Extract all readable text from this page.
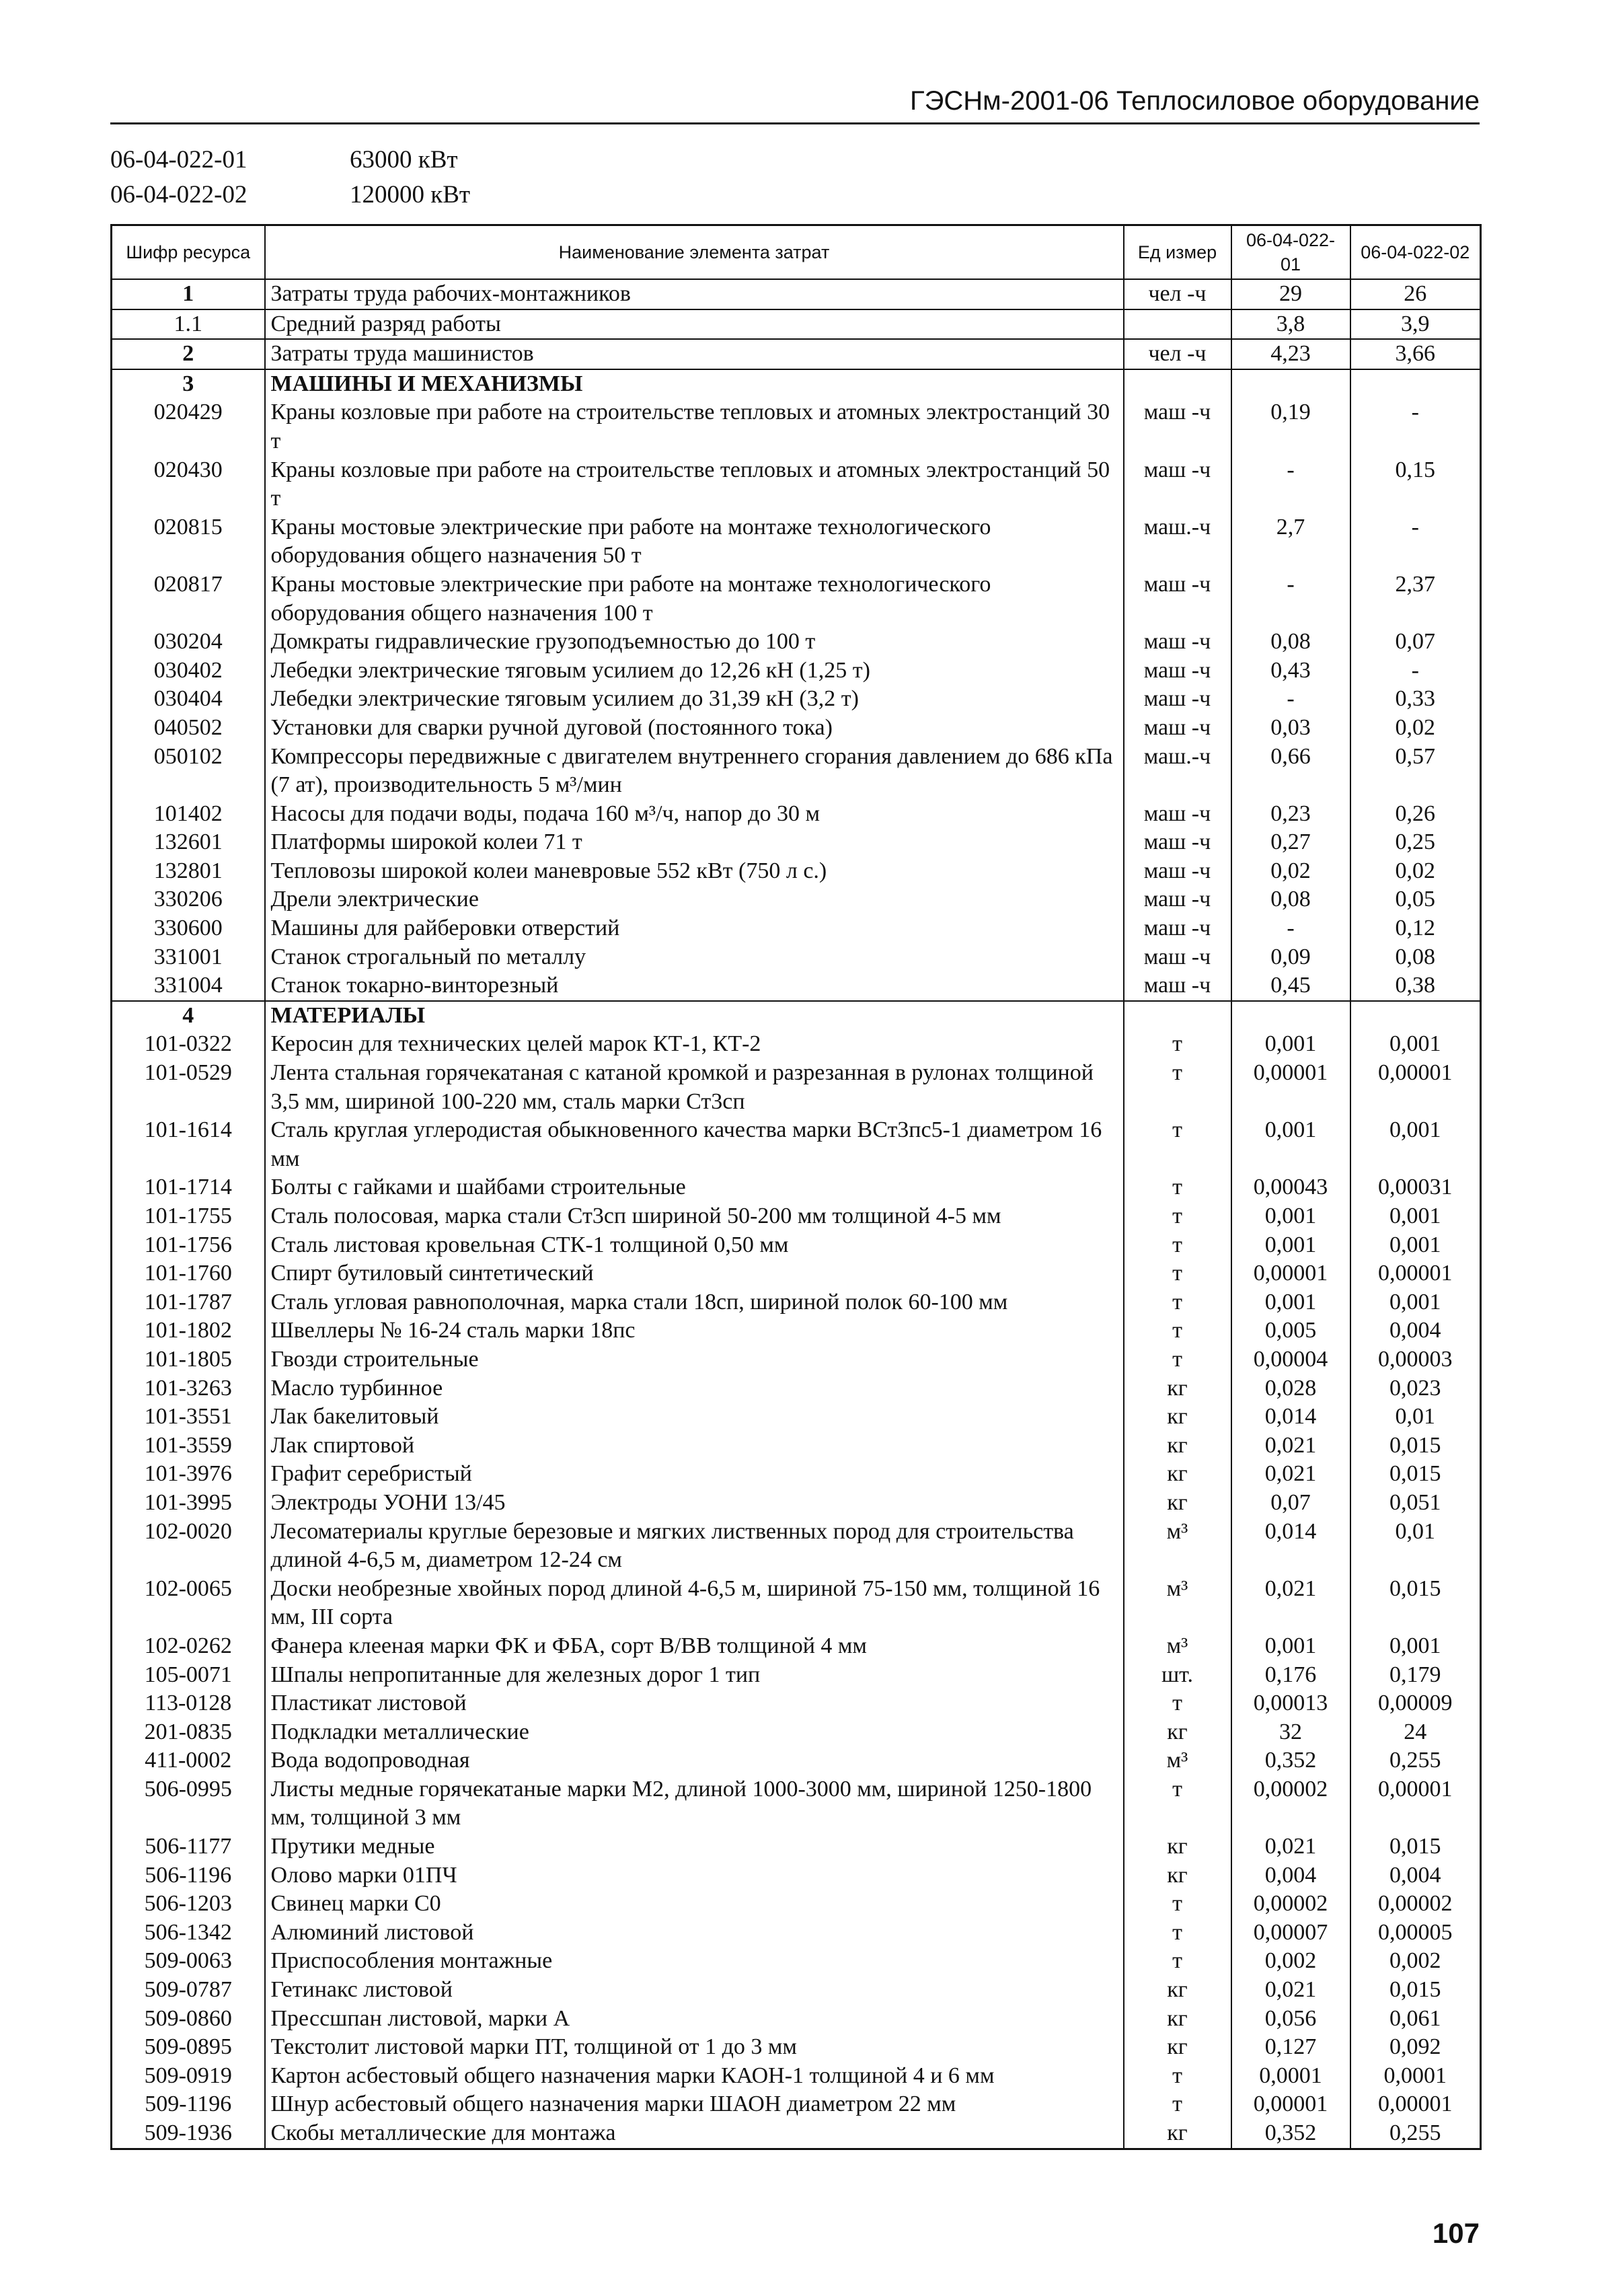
ГЭСНм-2001-06 Теплосиловое оборудование
06-04-022-01	63000 кВт
06-04-022-02	120000 кВт
Шифр ресурса	Наименование элемента затрат	Ед измер	06-04-022-01	06-04-022-02
1	Затраты труда рабочих-монтажников	чел -ч	29	26
1.1	Средний разряд работы		3,8	3,9
2	Затраты труда машинистов	чел -ч	4,23	3,66
3	МАШИНЫ И МЕХАНИЗМЫ			
020429	Краны козловые при работе на строительстве тепловых и атомных электростанций 30 т	маш -ч	0,19	-
020430	Краны козловые при работе на строительстве тепловых и атомных электростанций 50 т	маш -ч	-	0,15
020815	Краны мостовые электрические при работе на монтаже технологического оборудования общего назначения 50 т	маш.-ч	2,7	-
020817	Краны мостовые электрические при работе на монтаже технологического оборудования общего назначения 100 т	маш -ч	-	2,37
030204	Домкраты гидравлические грузоподъемностью до 100 т	маш -ч	0,08	0,07
030402	Лебедки электрические тяговым усилием до 12,26 кН (1,25 т)	маш -ч	0,43	-
030404	Лебедки электрические тяговым усилием до 31,39 кН (3,2 т)	маш -ч	-	0,33
040502	Установки для сварки ручной дуговой (постоянного тока)	маш -ч	0,03	0,02
050102	Компрессоры передвижные с двигателем внутреннего сгорания давлением до 686 кПа (7 ат), производительность 5 м³/мин	маш.-ч	0,66	0,57
101402	Насосы для подачи воды, подача 160 м³/ч, напор до 30 м	маш -ч	0,23	0,26
132601	Платформы широкой колеи 71 т	маш -ч	0,27	0,25
132801	Тепловозы широкой колеи маневровые 552 кВт (750 л с.)	маш -ч	0,02	0,02
330206	Дрели электрические	маш -ч	0,08	0,05
330600	Машины для райберовки отверстий	маш -ч	-	0,12
331001	Станок строгальный по металлу	маш -ч	0,09	0,08
331004	Станок токарно-винторезный	маш -ч	0,45	0,38
4	МАТЕРИАЛЫ			
101-0322	Керосин для технических целей марок КТ-1, КТ-2	т	0,001	0,001
101-0529	Лента стальная горячекатаная с катаной кромкой и разрезанная в рулонах толщиной 3,5 мм, шириной 100-220 мм, сталь марки Ст3сп	т	0,00001	0,00001
101-1614	Сталь круглая углеродистая обыкновенного качества марки ВСт3пс5-1 диаметром 16 мм	т	0,001	0,001
101-1714	Болты с гайками и шайбами строительные	т	0,00043	0,00031
101-1755	Сталь полосовая, марка стали Ст3сп шириной 50-200 мм толщиной 4-5 мм	т	0,001	0,001
101-1756	Сталь листовая кровельная СТК-1 толщиной 0,50 мм	т	0,001	0,001
101-1760	Спирт бутиловый синтетический	т	0,00001	0,00001
101-1787	Сталь угловая равнополочная, марка стали 18сп, шириной полок 60-100 мм	т	0,001	0,001
101-1802	Швеллеры № 16-24 сталь марки 18пс	т	0,005	0,004
101-1805	Гвозди строительные	т	0,00004	0,00003
101-3263	Масло турбинное	кг	0,028	0,023
101-3551	Лак бакелитовый	кг	0,014	0,01
101-3559	Лак спиртовой	кг	0,021	0,015
101-3976	Графит серебристый	кг	0,021	0,015
101-3995	Электроды УОНИ 13/45	кг	0,07	0,051
102-0020	Лесоматериалы круглые березовые и мягких лиственных пород для строительства длиной 4-6,5 м, диаметром 12-24 см	м³	0,014	0,01
102-0065	Доски необрезные хвойных пород длиной 4-6,5 м, шириной 75-150 мм, толщиной 16 мм, III сорта	м³	0,021	0,015
102-0262	Фанера клееная марки ФК и ФБА, сорт В/ВВ толщиной 4 мм	м³	0,001	0,001
105-0071	Шпалы непропитанные для железных дорог 1 тип	шт.	0,176	0,179
113-0128	Пластикат листовой	т	0,00013	0,00009
201-0835	Подкладки металлические	кг	32	24
411-0002	Вода водопроводная	м³	0,352	0,255
506-0995	Листы медные горячекатаные марки М2, длиной 1000-3000 мм, шириной 1250-1800 мм, толщиной 3 мм	т	0,00002	0,00001
506-1177	Прутики медные	кг	0,021	0,015
506-1196	Олово марки 01ПЧ	кг	0,004	0,004
506-1203	Свинец марки С0	т	0,00002	0,00002
506-1342	Алюминий листовой	т	0,00007	0,00005
509-0063	Приспособления монтажные	т	0,002	0,002
509-0787	Гетинакс листовой	кг	0,021	0,015
509-0860	Прессшпан листовой, марки А	кг	0,056	0,061
509-0895	Текстолит листовой марки ПТ, толщиной от 1 до 3 мм	кг	0,127	0,092
509-0919	Картон асбестовый общего назначения марки КАОН-1 толщиной 4 и 6 мм	т	0,0001	0,0001
509-1196	Шнур асбестовый общего назначения марки ШАОН диаметром 22 мм	т	0,00001	0,00001
509-1936	Скобы металлические для монтажа	кг	0,352	0,255
107
